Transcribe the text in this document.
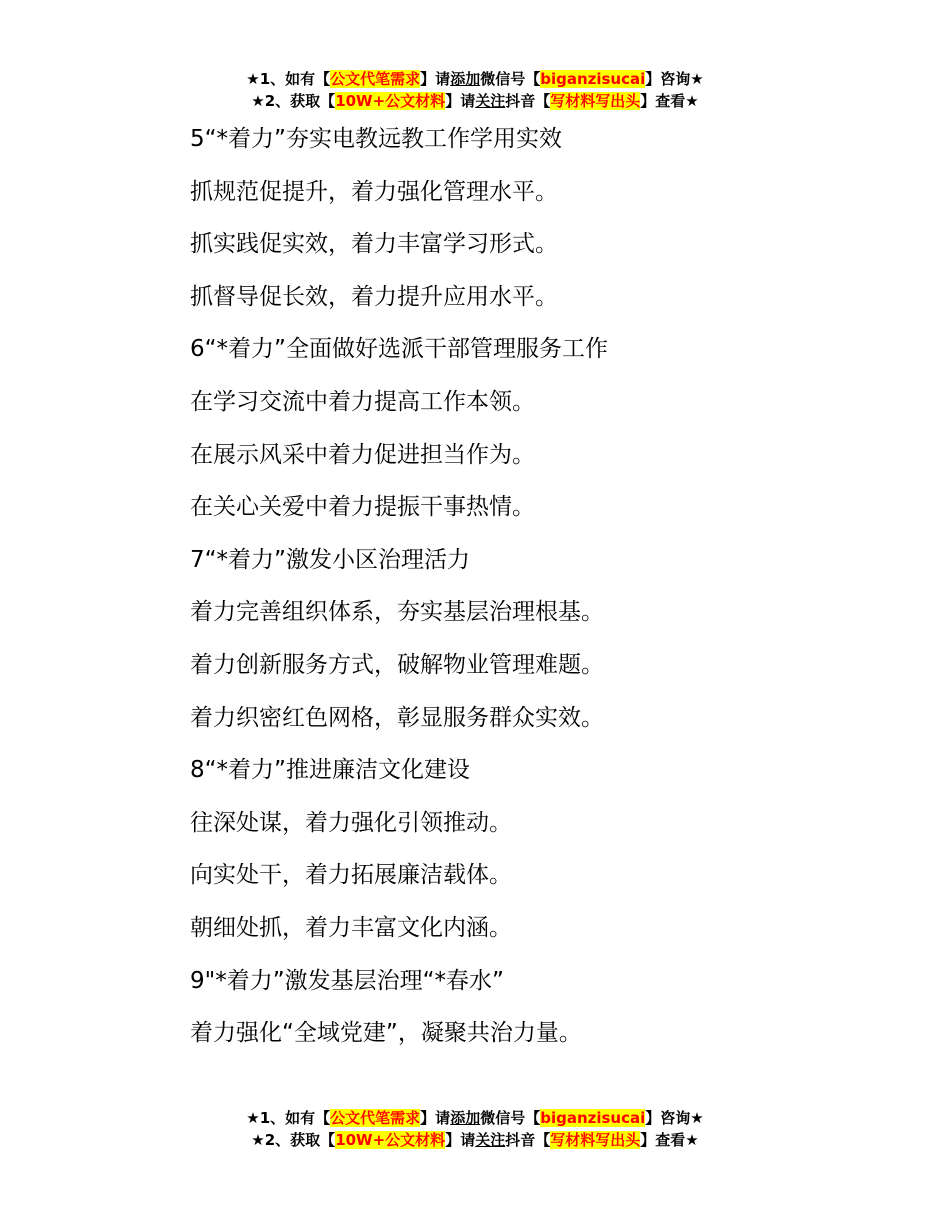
★1、如有【公文代笔需求】请添加微信号【biganzisucai】咨询★
★2、获取【10W+公文材料】请关注抖音【写材料写出头】查看★
5“*着力”夯实电教远教工作学用实效
抓规范促提升，着力强化管理水平。
抓实践促实效，着力丰富学习形式。
抓督导促长效，着力提升应用水平。
6“*着力”全面做好选派干部管理服务工作
在学习交流中着力提高工作本领。
在展示风采中着力促进担当作为。
在关心关爱中着力提振干事热情。
7“*着力”激发小区治理活力
着力完善组织体系，夯实基层治理根基。
着力创新服务方式，破解物业管理难题。
着力织密红色网格，彰显服务群众实效。
8“*着力”推进廉洁文化建设
往深处谋，着力强化引领推动。
向实处干，着力拓展廉洁载体。
朝细处抓，着力丰富文化内涵。
9"*着力”激发基层治理“*春水”
着力强化“全域党建”，凝聚共治力量。
★1、如有【公文代笔需求】请添加微信号【biganzisucai】咨询★
★2、获取【10W+公文材料】请关注抖音【写材料写出头】查看★
